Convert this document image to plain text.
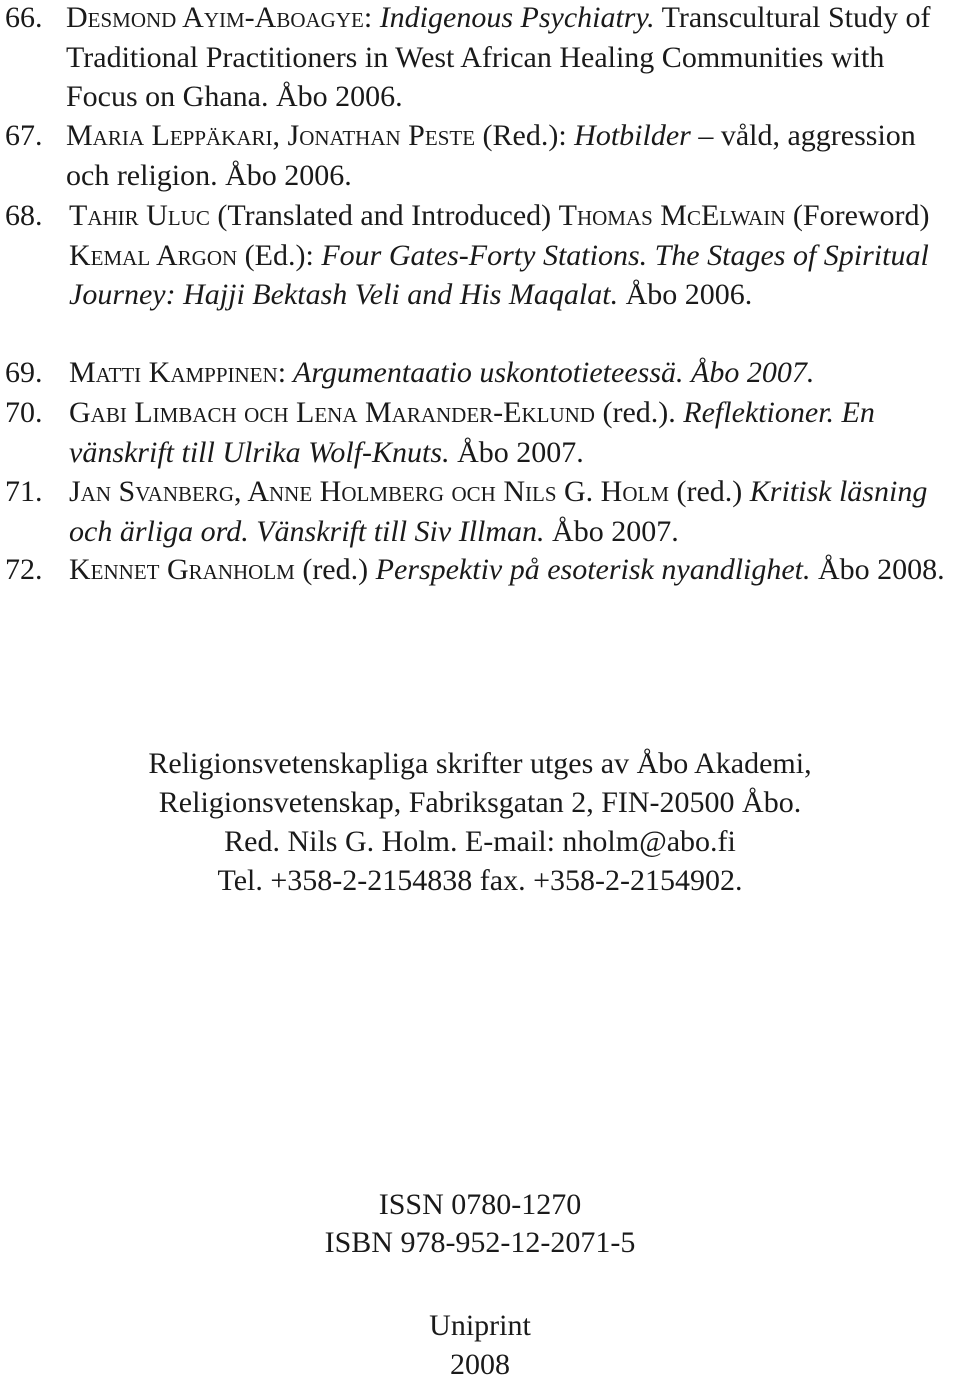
66. Desmond Ayim-Aboagye: Indigenous Psychiatry. Transcultural Study of Traditional Practitioners in West African Healing Communities with Focus on Ghana. Åbo 2006.
67. Maria Leppäkari, Jonathan Peste (Red.): Hotbilder – våld, aggression och religion. Åbo 2006.
68. Tahir Uluc (Translated and Introduced) Thomas McElwain (Foreword) Kemal Argon (Ed.): Four Gates-Forty Stations. The Stages of Spiritual Journey: Hajji Bektash Veli and His Maqalat. Åbo 2006.
69. Matti Kamppinen: Argumentaatio uskontotieteessä. Åbo 2007.
70. Gabi Limbach och Lena Marander-Eklund (red.). Reflektioner. En vänskrift till Ulrika Wolf-Knuts. Åbo 2007.
71. Jan Svanberg, Anne Holmberg och Nils G. Holm (red.) Kritisk läsning och ärliga ord. Vänskrift till Siv Illman. Åbo 2007.
72. Kennet Granholm (red.) Perspektiv på esoterisk nyandlighet. Åbo 2008.
Religionsvetenskapliga skrifter utges av Åbo Akademi,
Religionsvetenskap, Fabriksgatan 2, FIN-20500 Åbo.
Red. Nils G. Holm. E-mail: nholm@abo.fi
Tel. +358-2-2154838 fax. +358-2-2154902.
ISSN 0780-1270
ISBN 978-952-12-2071-5
Uniprint
2008
